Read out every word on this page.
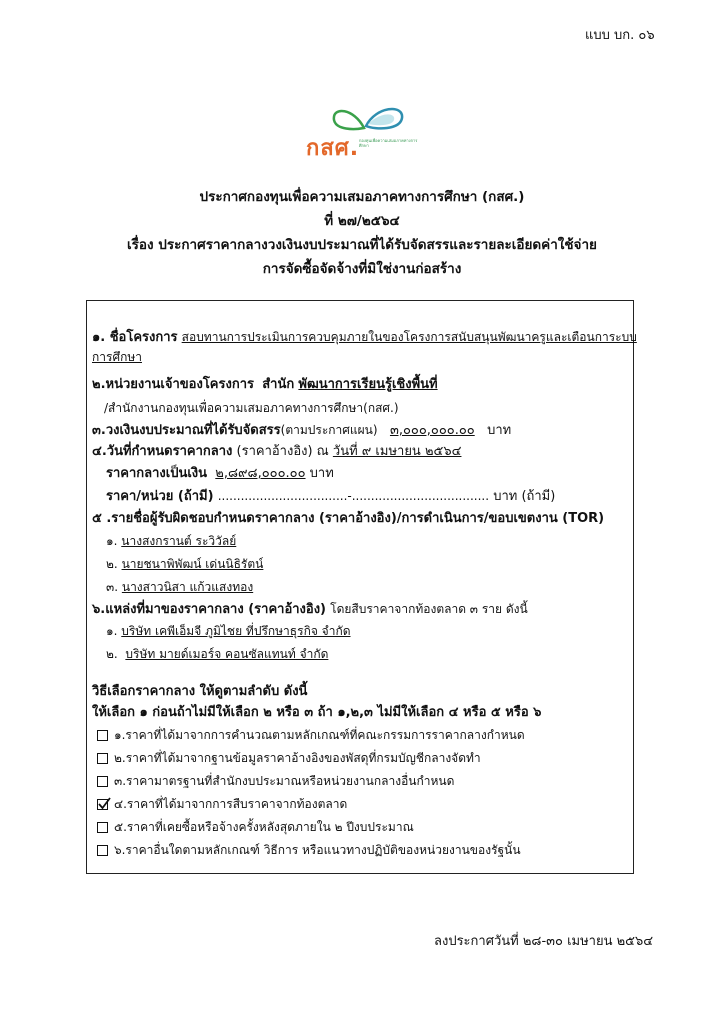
แบบ บก. ๐๖
กสศ. กองทุนเพื่อความเสมอภาคทางการศึกษา
ประกาศกองทุนเพื่อความเสมอภาคทางการศึกษา (กสศ.)
ที่ ๒๗/๒๕๖๔
เรื่อง ประกาศราคากลางวงเงินงบประมาณที่ได้รับจัดสรรและรายละเอียดค่าใช้จ่าย
การจัดซื้อจัดจ้างที่มิใช่งานก่อสร้าง
๑. ชื่อโครงการ สอบทานการประเมินการควบคุมภายในของโครงการสนับสนุนพัฒนาครูและเตือนการะบบ
การศึกษา
๒.หน่วยงานเจ้าของโครงการ สำนัก พัฒนาการเรียนรู้เชิงพื้นที่
/สำนักงานกองทุนเพื่อความเสมอภาคทางการศึกษา(กสศ.)
๓.วงเงินงบประมาณที่ได้รับจัดสรร(ตามประกาศแผน) ๓,๐๐๐,๐๐๐.๐๐ บาท
๔.วันที่กำหนดราคากลาง (ราคาอ้างอิง) ณ วันที่ ๙ เมษายน ๒๕๖๔
ราคากลางเป็นเงิน ๒,๘๙๘,๐๐๐.๐๐ บาท
ราคา/หน่วย (ถ้ามี) ..................................-.................................... บาท (ถ้ามี)
๕ .รายชื่อผู้รับผิดชอบกำหนดราคากลาง (ราคาอ้างอิง)/การดำเนินการ/ขอบเขตงาน (TOR)
๑. นางสงกรานต์ ระวิวัลย์
๒. นายชนาพิพัฒน์ เด่นนิธิรัตน์
๓. นางสาวนิสา แก้วแสงทอง
๖.แหล่งที่มาของราคากลาง (ราคาอ้างอิง) โดยสืบราคาจากท้องตลาด ๓ ราย ดังนี้
๑. บริษัท เคพีเอ็มจี ภูมิไชย ที่ปรึกษาธุรกิจ จำกัด
๒. บริษัท มายด์เมอร์จ คอนซัลแทนท์ จำกัด
วิธีเลือกราคากลาง ให้ดูตามลำดับ ดังนี้
ให้เลือก ๑ ก่อนถ้าไม่มีให้เลือก ๒ หรือ ๓ ถ้า ๑,๒,๓ ไม่มีให้เลือก ๔ หรือ ๕ หรือ ๖
๑.ราคาที่ได้มาจากการคำนวณตามหลักเกณฑ์ที่คณะกรรมการราคากลางกำหนด
๒.ราคาที่ได้มาจากฐานข้อมูลราคาอ้างอิงของพัสดุที่กรมบัญชีกลางจัดทำ
๓.ราคามาตรฐานที่สำนักงบประมาณหรือหน่วยงานกลางอื่นกำหนด
๔.ราคาที่ได้มาจากการสืบราคาจากท้องตลาด
๕.ราคาที่เคยซื้อหรือจ้างครั้งหลังสุดภายใน ๒ ปีงบประมาณ
๖.ราคาอื่นใดตามหลักเกณฑ์ วิธีการ หรือแนวทางปฏิบัติของหน่วยงานของรัฐนั้น
ลงประกาศวันที่ ๒๘-๓๐ เมษายน ๒๕๖๔
